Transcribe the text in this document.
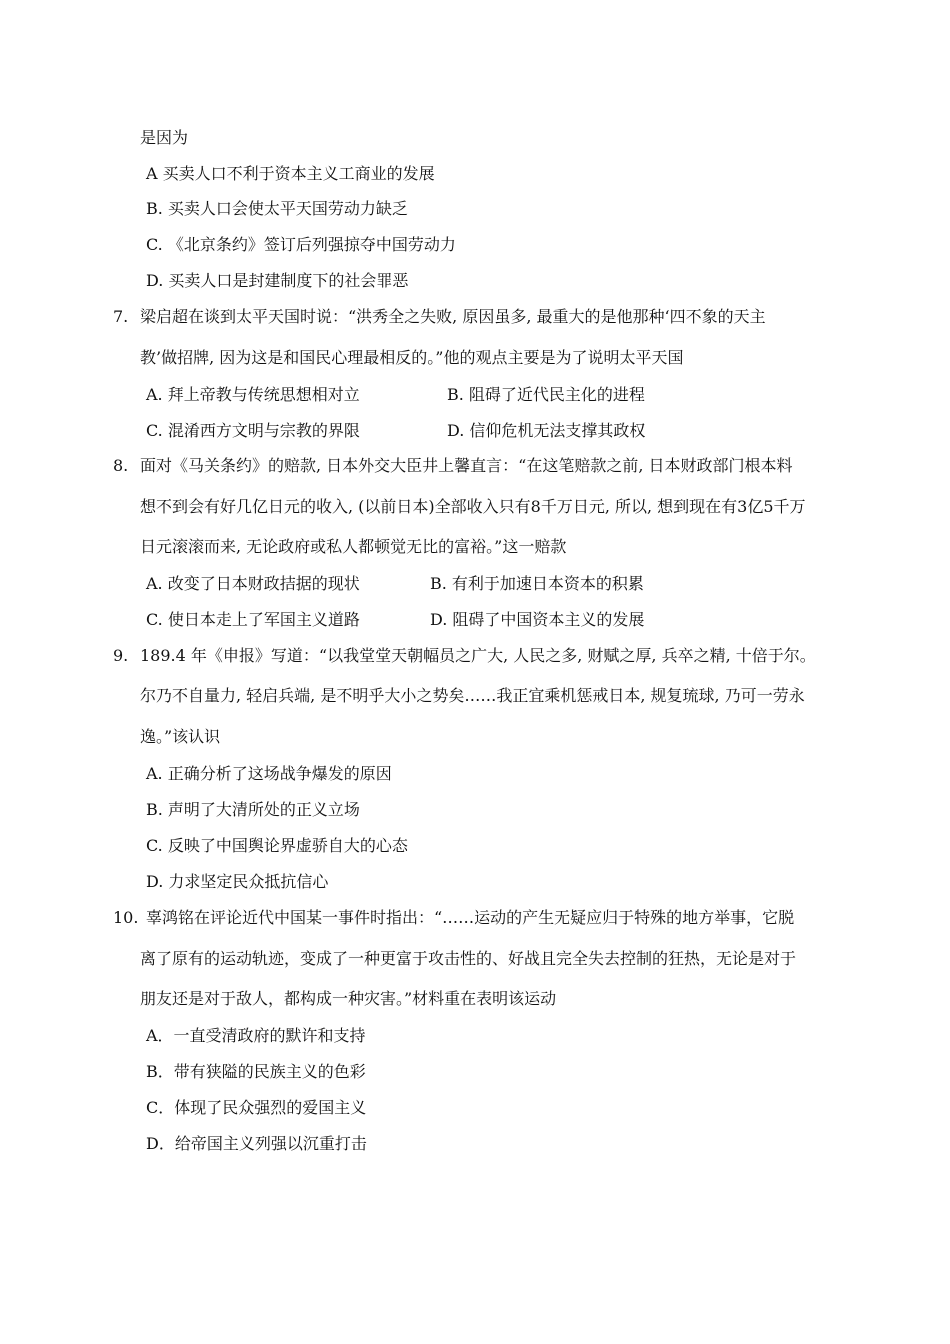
是因为
A 买卖人口不利于资本主义工商业的发展
B. 买卖人口会使太平天国劳动力缺乏
C. 《北京条约》签订后列强掠夺中国劳动力
D. 买卖人口是封建制度下的社会罪恶
7. 梁启超在谈到太平天国时说：“洪秀全之失败, 原因虽多, 最重大的是他那种‘四不象的天主
教’做招牌, 因为这是和国民心理最相反的。”他的观点主要是为了说明太平天国
A. 拜上帝教与传统思想相对立	B. 阻碍了近代民主化的进程
C. 混淆西方文明与宗教的界限	D. 信仰危机无法支撑其政权
8. 面对《马关条约》的赔款, 日本外交大臣井上馨直言：“在这笔赔款之前, 日本财政部门根本料
想不到会有好几亿日元的收入, (以前日本)全部收入只有8千万日元, 所以, 想到现在有3亿5千万
日元滚滚而来, 无论政府或私人都顿觉无比的富裕。”这一赔款
A. 改变了日本财政拮据的现状	B. 有利于加速日本资本的积累
C. 使日本走上了军国主义道路	D. 阻碍了中国资本主义的发展
9. 189.4 年《申报》写道：“以我堂堂天朝幅员之广大, 人民之多, 财赋之厚, 兵卒之精, 十倍于尔。
尔乃不自量力, 轻启兵端, 是不明乎大小之势矣……我正宜乘机惩戒日本, 规复琉球, 乃可一劳永
逸。”该认识
A. 正确分析了这场战争爆发的原因
B. 声明了大清所处的正义立场
C. 反映了中国舆论界虚骄自大的心态
D. 力求坚定民众抵抗信心
10. 辜鸿铭在评论近代中国某一事件时指出：“……运动的产生无疑应归于特殊的地方举事，它脱
离了原有的运动轨迹，变成了一种更富于攻击性的、好战且完全失去控制的狂热，无论是对于
朋友还是对于敌人，都构成一种灾害。”材料重在表明该运动
A．一直受清政府的默许和支持
B．带有狭隘的民族主义的色彩
C．体现了民众强烈的爱国主义
D．给帝国主义列强以沉重打击
